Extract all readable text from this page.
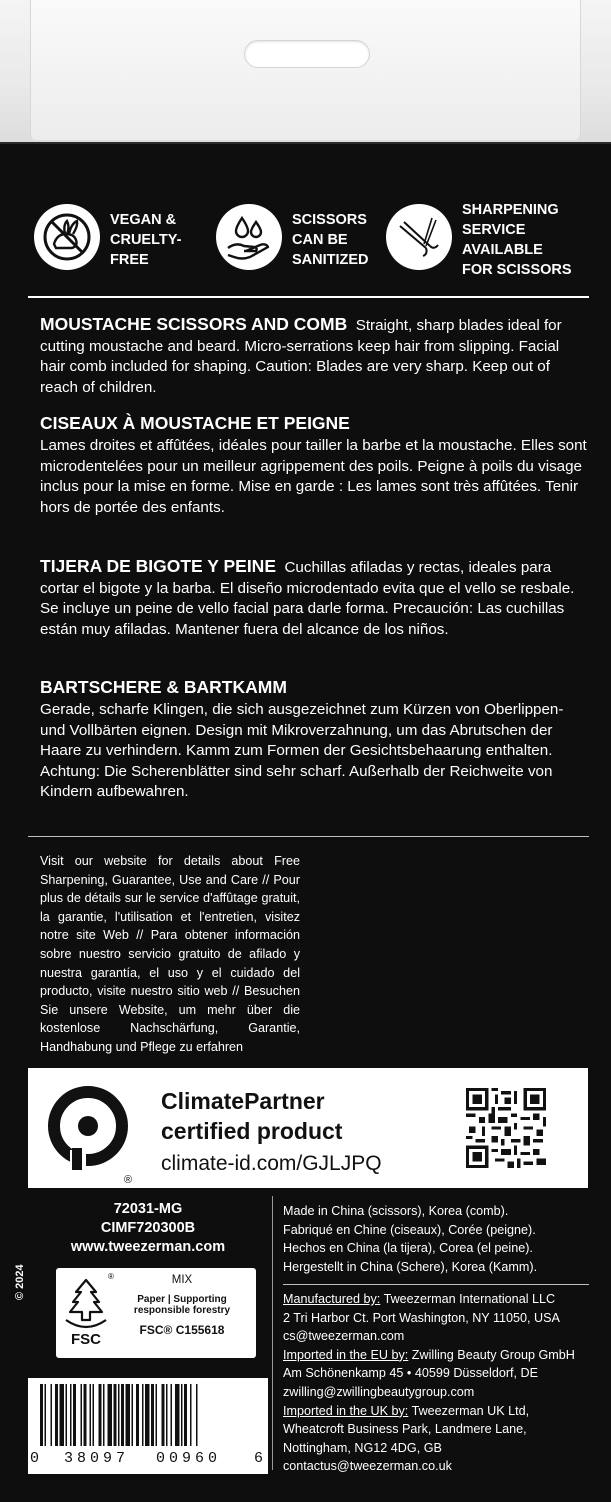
VEGAN &
CRUELTY-
FREE
SCISSORS
CAN BE
SANITIZED
SHARPENING
SERVICE
AVAILABLE
FOR SCISSORS
MOUSTACHE SCISSORS AND COMB Straight, sharp blades ideal for cutting moustache and beard. Micro-serrations keep hair from slipping. Facial hair comb included for shaping. Caution: Blades are very sharp. Keep out of reach of children.
CISEAUX À MOUSTACHE ET PEIGNE
Lames droites et affûtées, idéales pour tailler la barbe et la moustache. Elles sont microdentelées pour un meilleur agrippement des poils. Peigne à poils du visage inclus pour la mise en forme. Mise en garde : Les lames sont très affûtées. Tenir hors de portée des enfants.
TIJERA DE BIGOTE Y PEINE Cuchillas afiladas y rectas, ideales para cortar el bigote y la barba. El diseño microdentado evita que el vello se resbale. Se incluye un peine de vello facial para darle forma. Precaución: Las cuchillas están muy afiladas. Mantener fuera del alcance de los niños.
BARTSCHERE & BARTKAMM
Gerade, scharfe Klingen, die sich ausgezeichnet zum Kürzen von Oberlippen- und Vollbärten eignen. Design mit Mikroverzahnung, um das Abrutschen der Haare zu verhindern. Kamm zum Formen der Gesichtsbehaarung enthalten. Achtung: Die Scherenblätter sind sehr scharf. Außerhalb der Reichweite von Kindern aufbewahren.
Visit our website for details about Free Sharpening, Guarantee, Use and Care // Pour plus de détails sur le service d'affûtage gratuit, la garantie, l'utilisation et l'entretien, visitez notre site Web // Para obtener información sobre nuestro servicio gratuito de afilado y nuestra garantía, el uso y el cuidado del producto, visite nuestro sitio web // Besuchen Sie unsere Website, um mehr über die kostenlose Nachschärfung, Garantie, Handhabung und Pflege zu erfahren
®
ClimatePartner
certified product
climate-id.com/GJLJPQ
72031-MG
CIMF720300B
www.tweezerman.com
© 2024
FSC
®	MIX
Paper | Supporting responsible forestry
FSC® C155618
Made in China (scissors), Korea (comb).
Fabriqué en Chine (ciseaux), Corée (peigne).
Hechos en China (la tijera), Corea (el peine).
Hergestellt in China (Schere), Korea (Kamm).
Manufactured by: Tweezerman International LLC
2 Tri Harbor Ct. Port Washington, NY 11050, USA
cs@tweezerman.com
Imported in the EU by: Zwilling Beauty Group GmbH
Am Schönenkamp 45 • 40599 Düsseldorf, DE
zwilling@zwillingbeautygroup.com
Imported in the UK by: Tweezerman UK Ltd,
Wheatcroft Business Park, Landmere Lane,
Nottingham, NG12 4DG, GB
contactus@tweezerman.co.uk
0 38097 00960 6
